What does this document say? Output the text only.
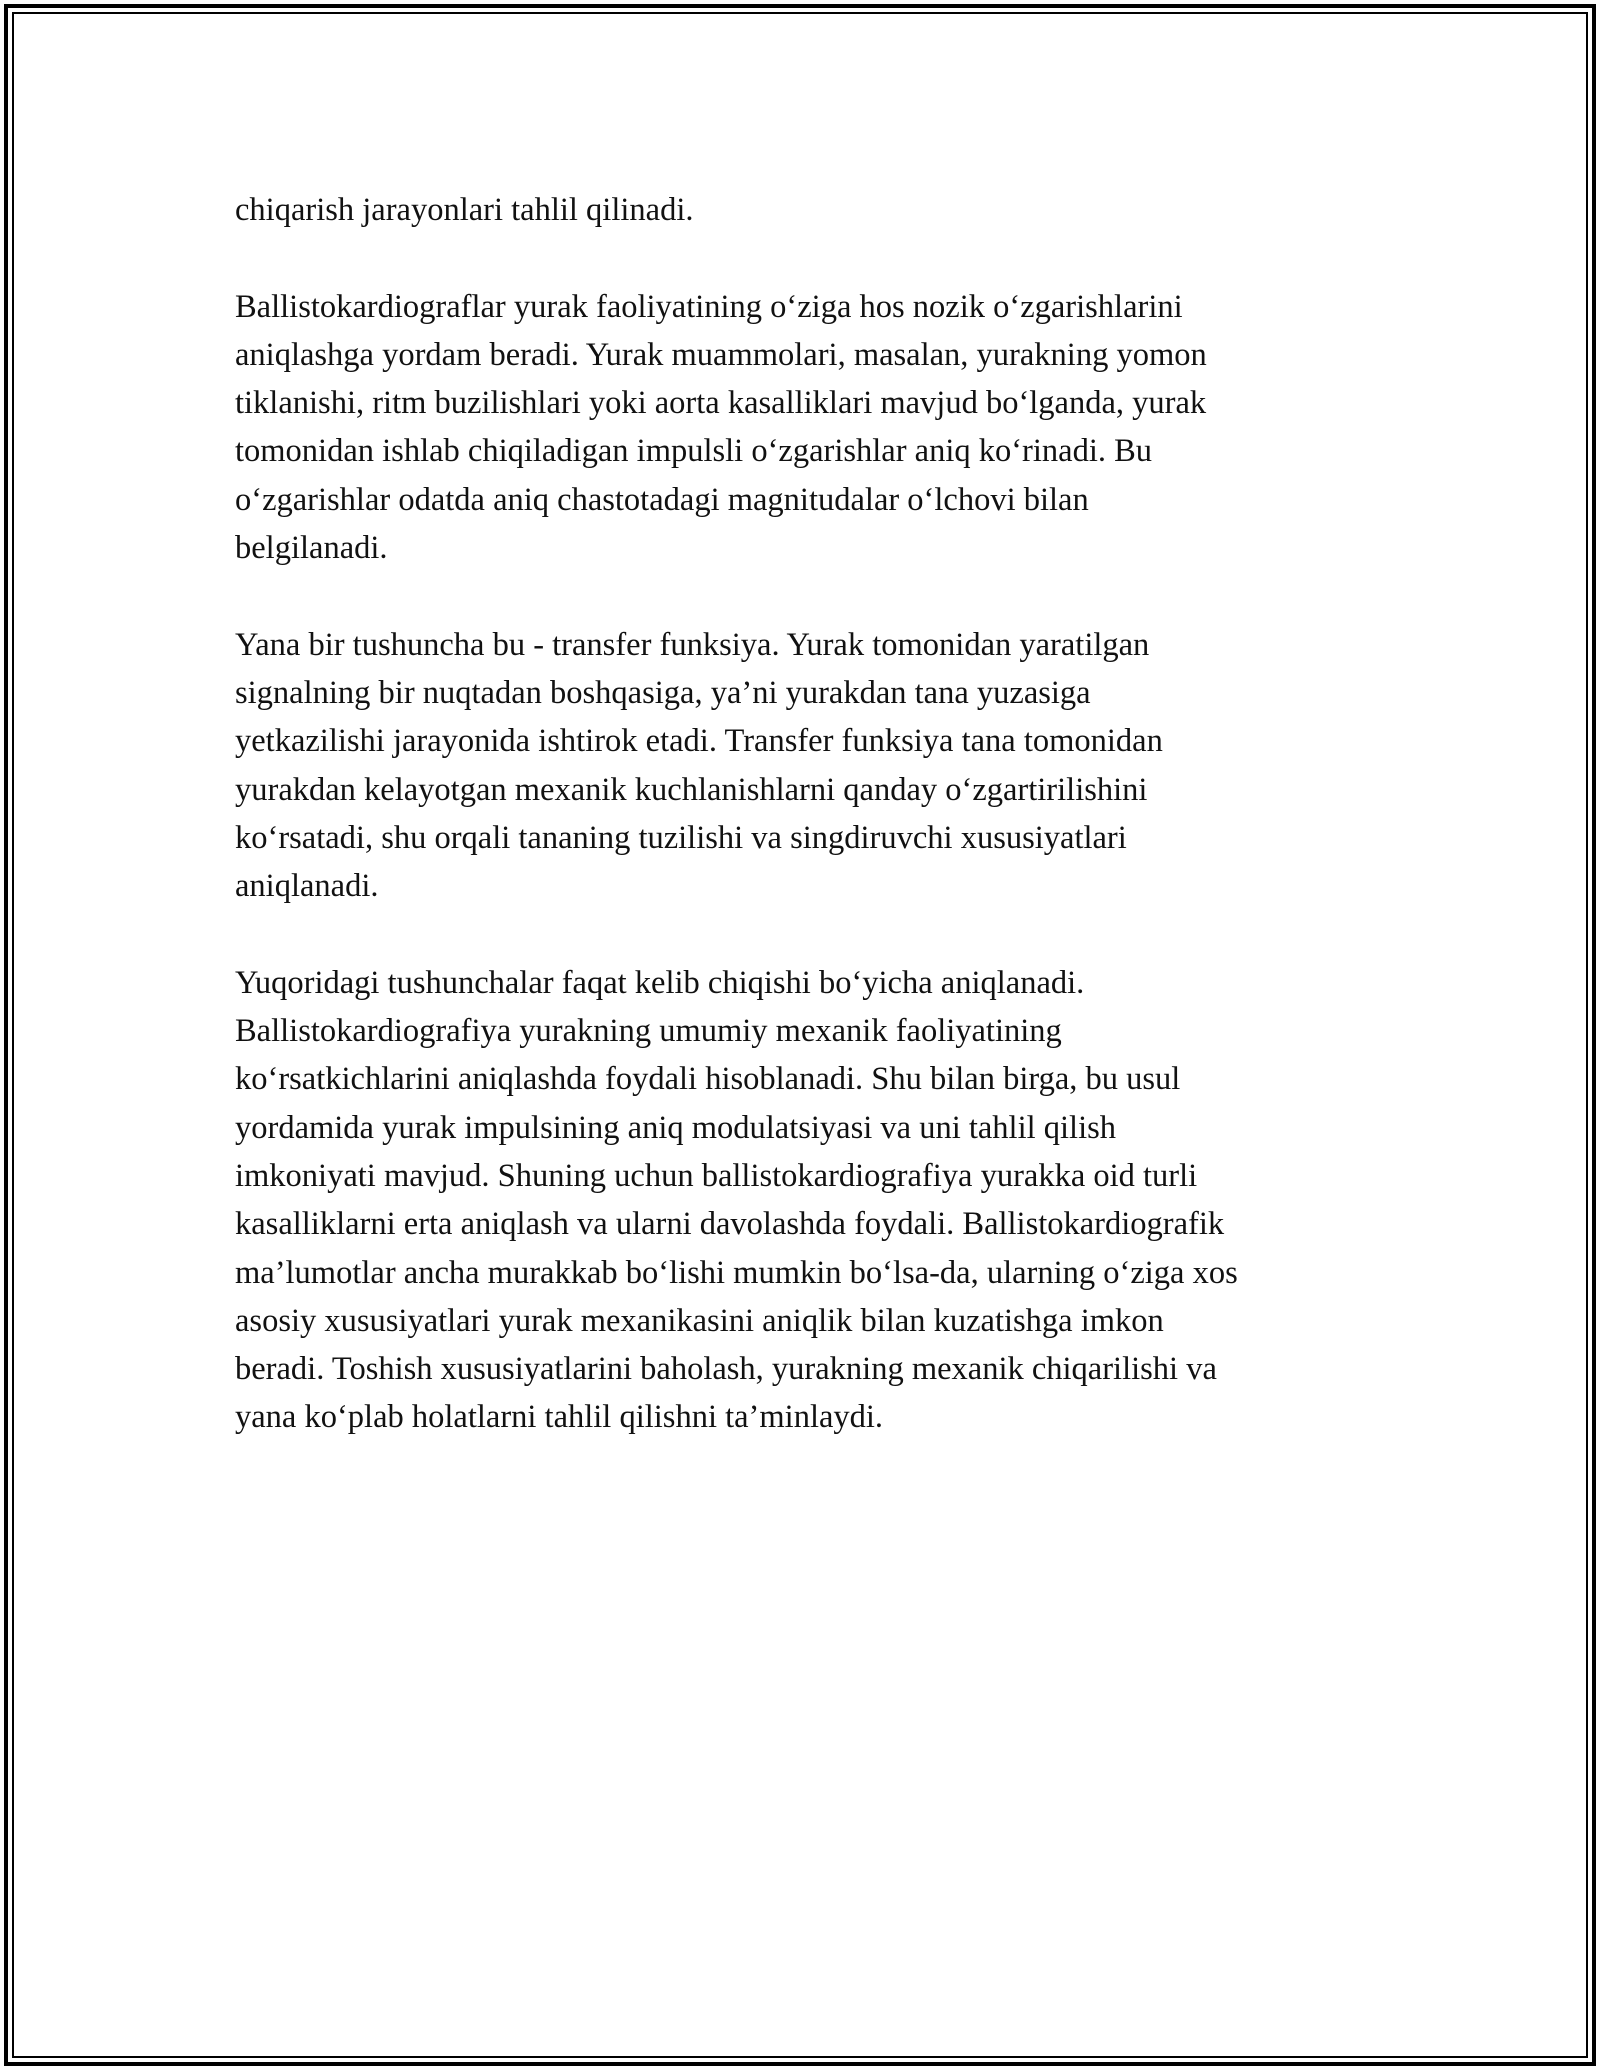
chiqarish jarayonlari tahlil qilinadi.
Ballistokardiograflar yurak faoliyatining o‘ziga hos nozik o‘zgarishlarini
aniqlashga yordam beradi. Yurak muammolari, masalan, yurakning yomon
tiklanishi, ritm buzilishlari yoki aorta kasalliklari mavjud bo‘lganda, yurak
tomonidan ishlab chiqiladigan impulsli o‘zgarishlar aniq ko‘rinadi. Bu
o‘zgarishlar odatda aniq chastotadagi magnitudalar o‘lchovi bilan
belgilanadi.
Yana bir tushuncha bu - transfer funksiya. Yurak tomonidan yaratilgan
signalning bir nuqtadan boshqasiga, ya’ni yurakdan tana yuzasiga
yetkazilishi jarayonida ishtirok etadi. Transfer funksiya tana tomonidan
yurakdan kelayotgan mexanik kuchlanishlarni qanday o‘zgartirilishini
ko‘rsatadi, shu orqali tananing tuzilishi va singdiruvchi xususiyatlari
aniqlanadi.
Yuqoridagi tushunchalar faqat kelib chiqishi bo‘yicha aniqlanadi.
Ballistokardiografiya yurakning umumiy mexanik faoliyatining
ko‘rsatkichlarini aniqlashda foydali hisoblanadi. Shu bilan birga, bu usul
yordamida yurak impulsining aniq modulatsiyasi va uni tahlil qilish
imkoniyati mavjud. Shuning uchun ballistokardiografiya yurakka oid turli
kasalliklarni erta aniqlash va ularni davolashda foydali. Ballistokardiografik
ma’lumotlar ancha murakkab bo‘lishi mumkin bo‘lsa-da, ularning o‘ziga xos
asosiy xususiyatlari yurak mexanikasini aniqlik bilan kuzatishga imkon
beradi. Toshish xususiyatlarini baholash, yurakning mexanik chiqarilishi va
yana ko‘plab holatlarni tahlil qilishni ta’minlaydi.
